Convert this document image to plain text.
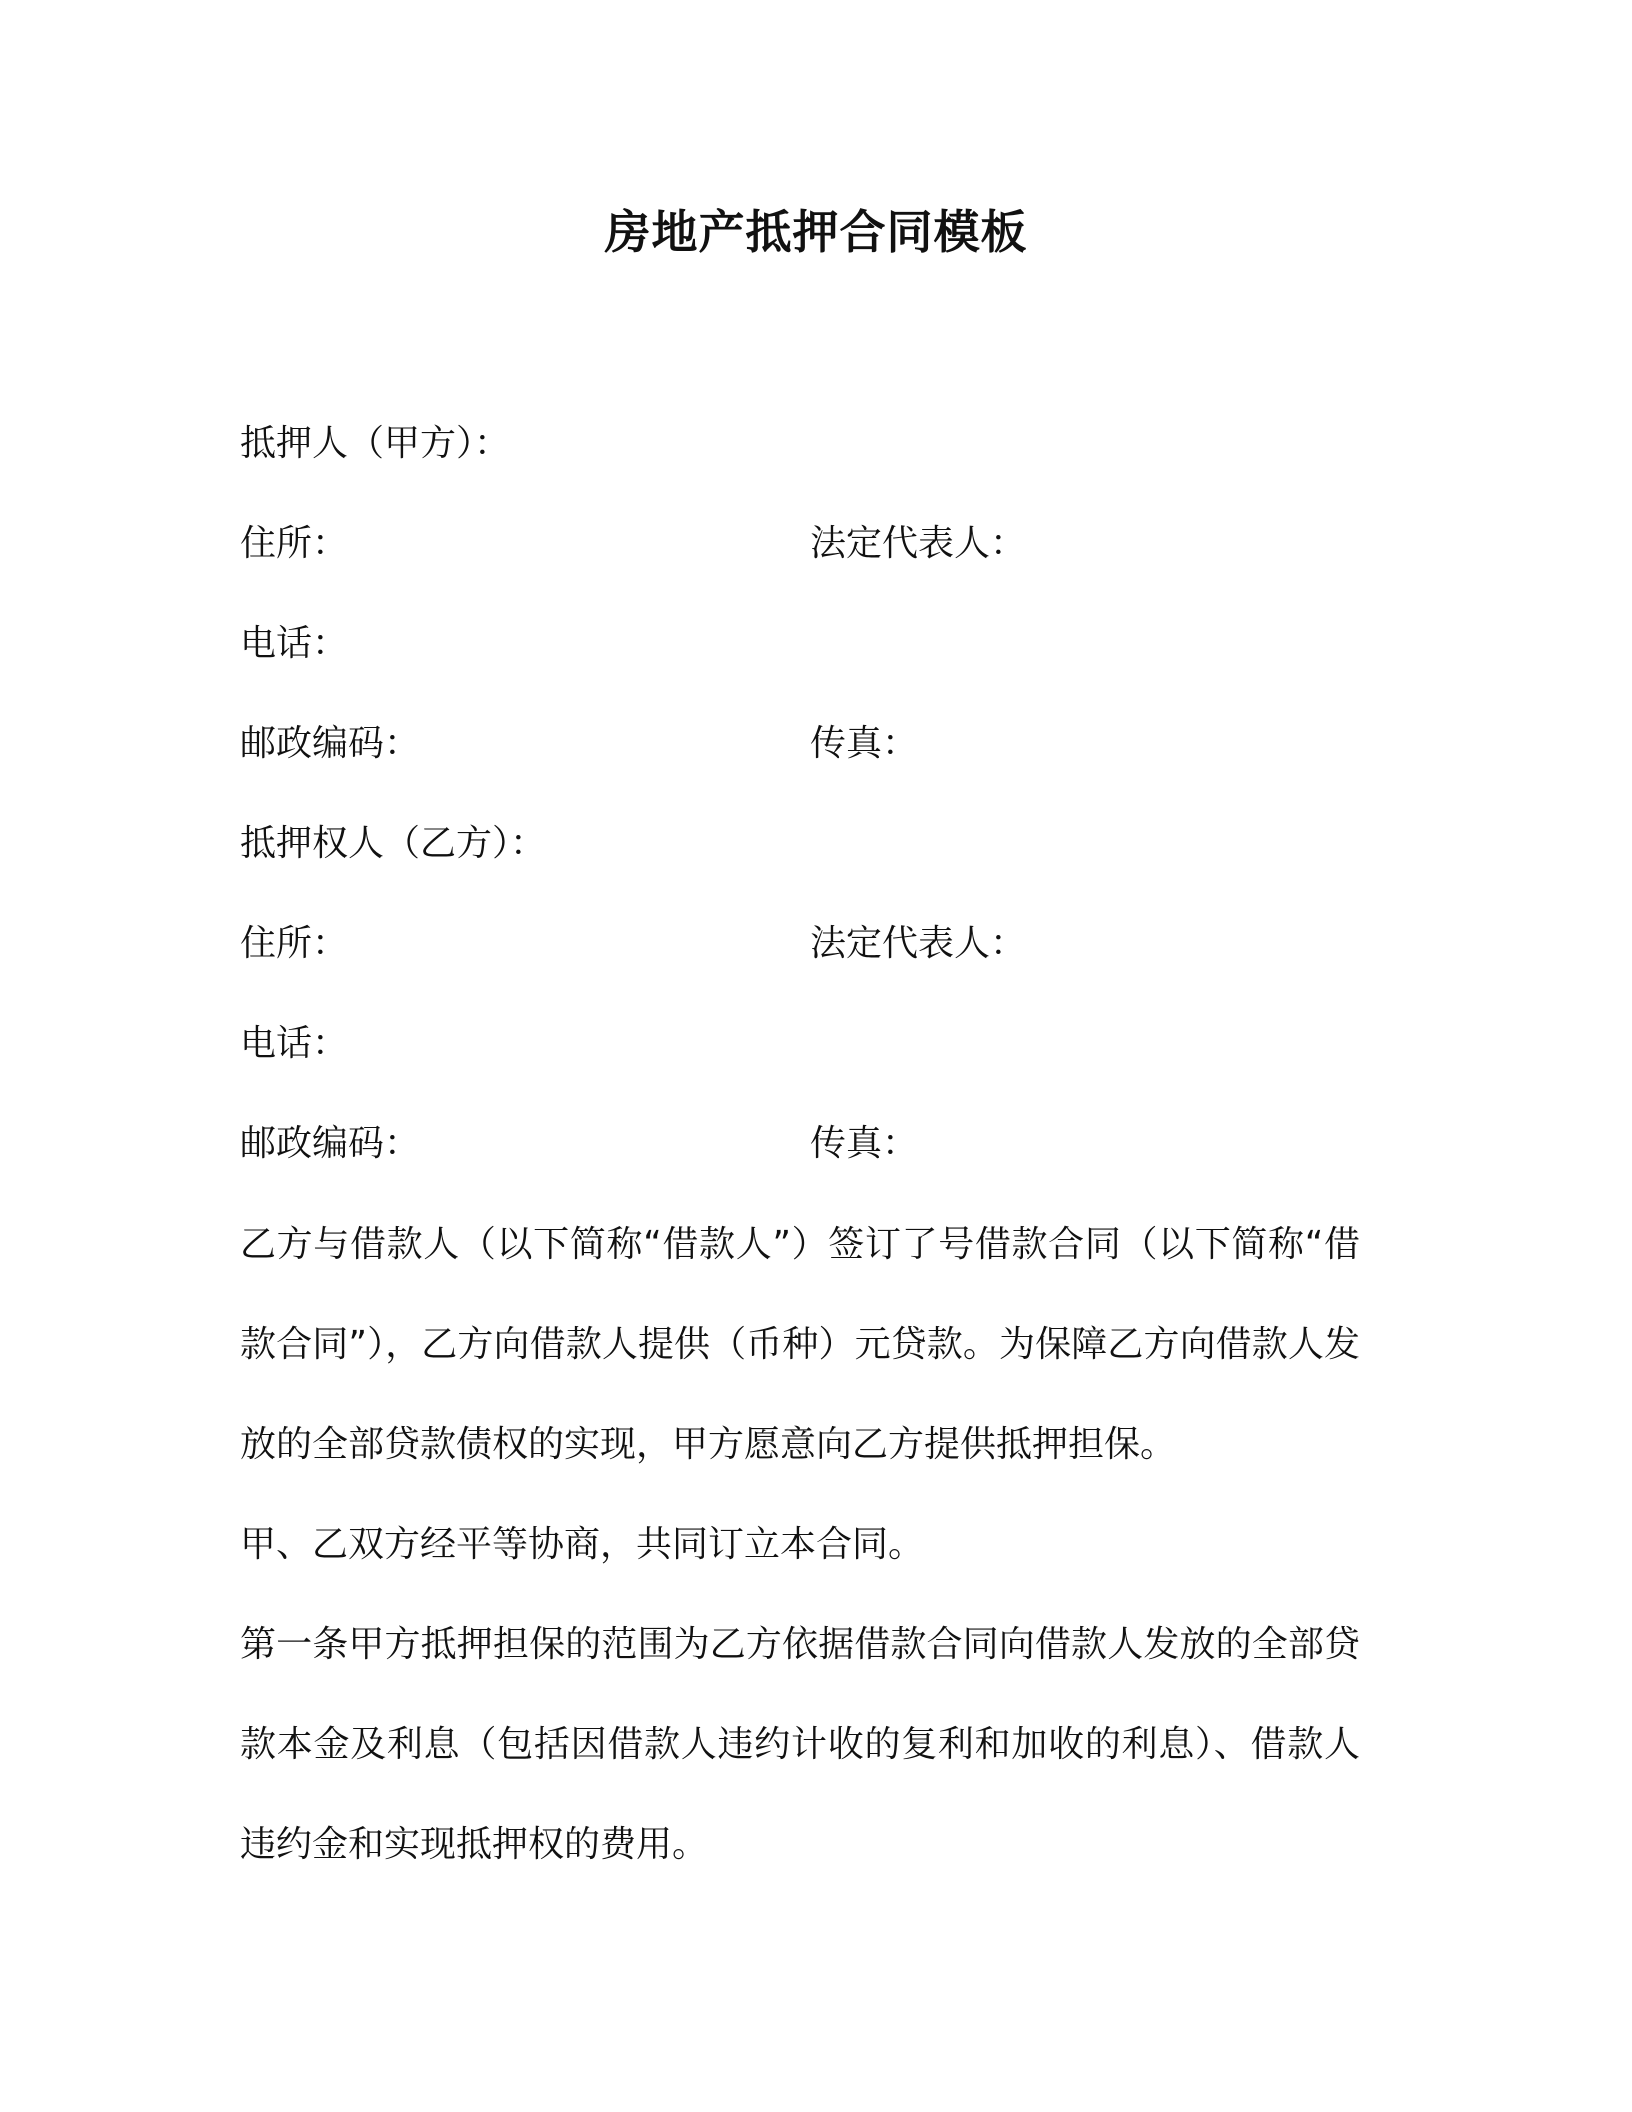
房地产抵押合同模板
抵押人（甲方）：
住所：	法定代表人：
电话：
邮政编码：	传真：
抵押权人（乙方）：
住所：	法定代表人：
电话：
邮政编码：	传真：
乙方与借款人（以下简称“借款人”）签订了号借款合同（以下简称“借款合同”），乙方向借款人提供（币种）元贷款。为保障乙方向借款人发放的全部贷款债权的实现，甲方愿意向乙方提供抵押担保。
甲、乙双方经平等协商，共同订立本合同。
第一条甲方抵押担保的范围为乙方依据借款合同向借款人发放的全部贷款本金及利息（包括因借款人违约计收的复利和加收的利息）、借款人违约金和实现抵押权的费用。
